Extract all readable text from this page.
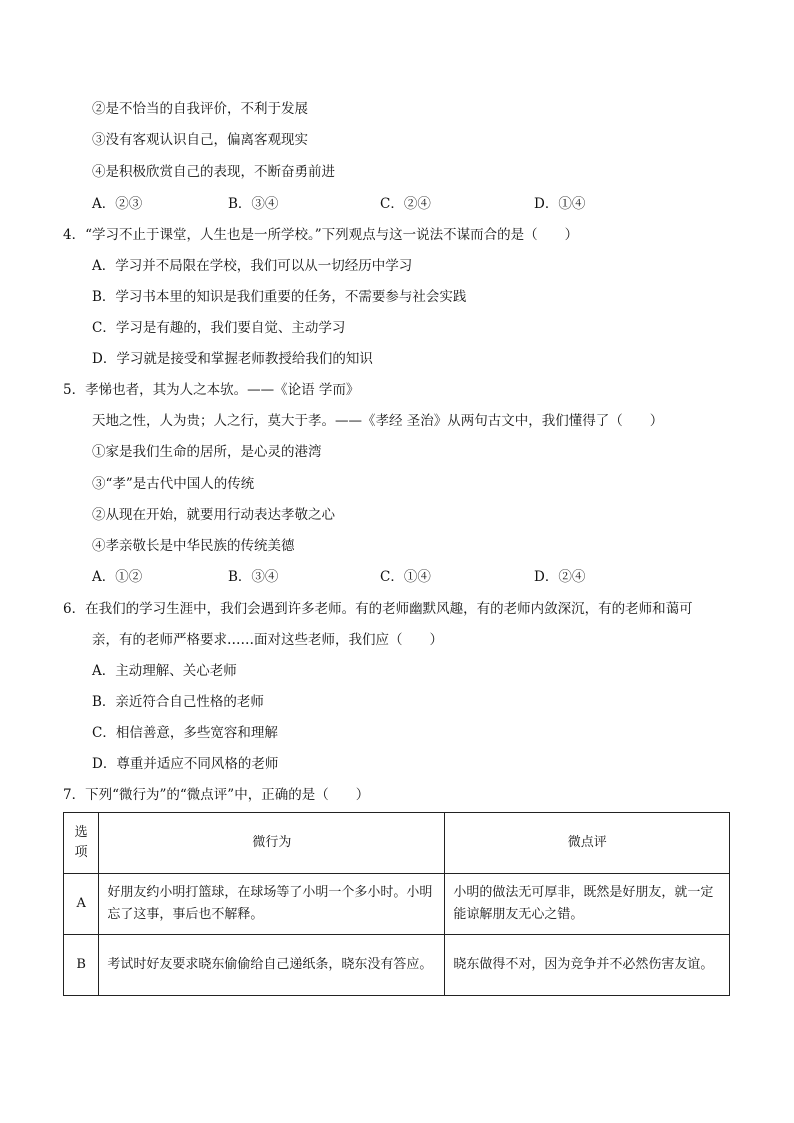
②是不恰当的自我评价，不利于发展
③没有客观认识自己，偏离客观现实
④是积极欣赏自己的表现，不断奋勇前进
A．②③	B．③④	C．②④	D．①④
4．“学习不止于课堂，人生也是一所学校。”下列观点与这一说法不谋而合的是（　　）
A．学习并不局限在学校，我们可以从一切经历中学习
B．学习书本里的知识是我们重要的任务，不需要参与社会实践
C．学习是有趣的，我们要自觉、主动学习
D．学习就是接受和掌握老师教授给我们的知识
5．孝悌也者，其为人之本欤。——《论语 学而》
天地之性，人为贵；人之行，莫大于孝。——《孝经 圣治》从两句古文中，我们懂得了（　　）
①家是我们生命的居所，是心灵的港湾
③“孝”是古代中国人的传统
②从现在开始，就要用行动表达孝敬之心
④孝亲敬长是中华民族的传统美德
A．①②	B．③④	C．①④	D．②④
6．在我们的学习生涯中，我们会遇到许多老师。有的老师幽默风趣，有的老师内敛深沉，有的老师和蔼可
亲，有的老师严格要求……面对这些老师，我们应（　　）
A．主动理解、关心老师
B．亲近符合自己性格的老师
C．相信善意，多些宽容和理解
D．尊重并适应不同风格的老师
7．下列“微行为”的“微点评”中，正确的是（　　）
选项	微行为	微点评
A	好朋友约小明打篮球，在球场等了小明一个多小时。小明忘了这事，事后也不解释。	小明的做法无可厚非，既然是好朋友，就一定能谅解朋友无心之错。
B	考试时好友要求晓东偷偷给自己递纸条，晓东没有答应。	晓东做得不对，因为竞争并不必然伤害友谊。
